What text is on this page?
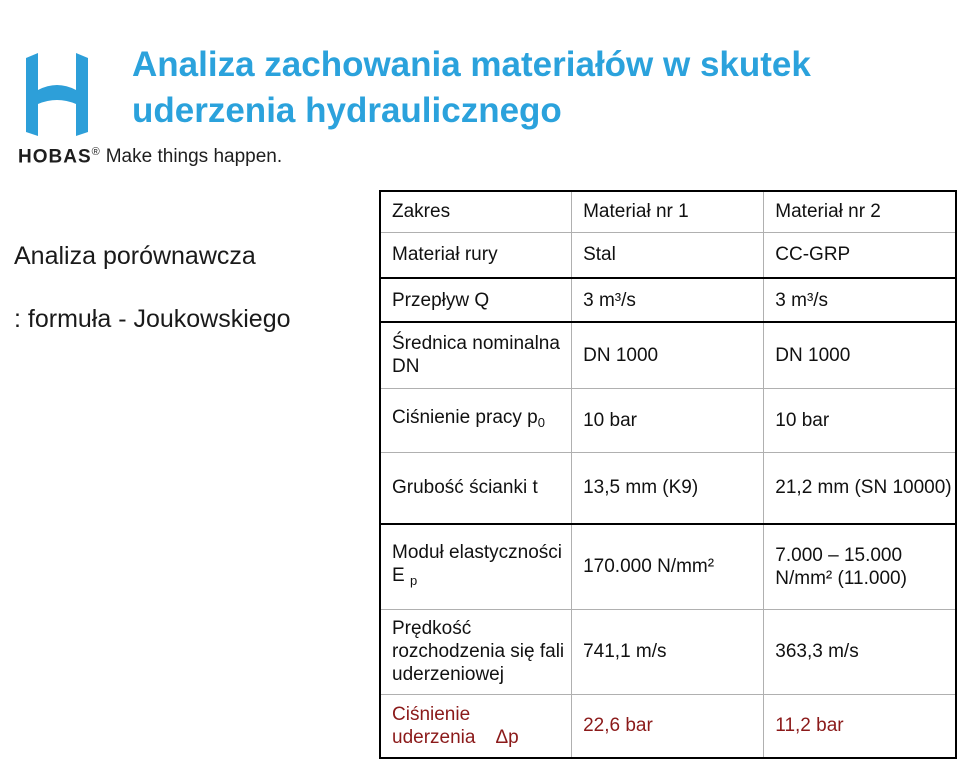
HOBAS® Make things happen.
Analiza zachowania materiałów w skutek uderzenia hydraulicznego
Analiza porównawcza
: formuła - Joukowskiego
Zakres	Materiał nr 1	Materiał nr 2
Materiał rury	Stal	CC-GRP
Przepływ Q	3 m³/s	3 m³/s
Średnica nominalna DN	DN 1000	DN 1000
Ciśnienie pracy $p_0$	10 bar	10 bar
Grubość ścianki t	13,5 mm (K9)	21,2 mm (SN 10000)
Moduł elastyczności E $_p$	170.000 N/mm²	7.000 – 15.000 N/mm² (11.000)
Prędkość rozchodzenia się fali uderzeniowej	741,1 m/s	363,3 m/s
Ciśnienie uderzenia Δp	22,6 bar	11,2 bar
